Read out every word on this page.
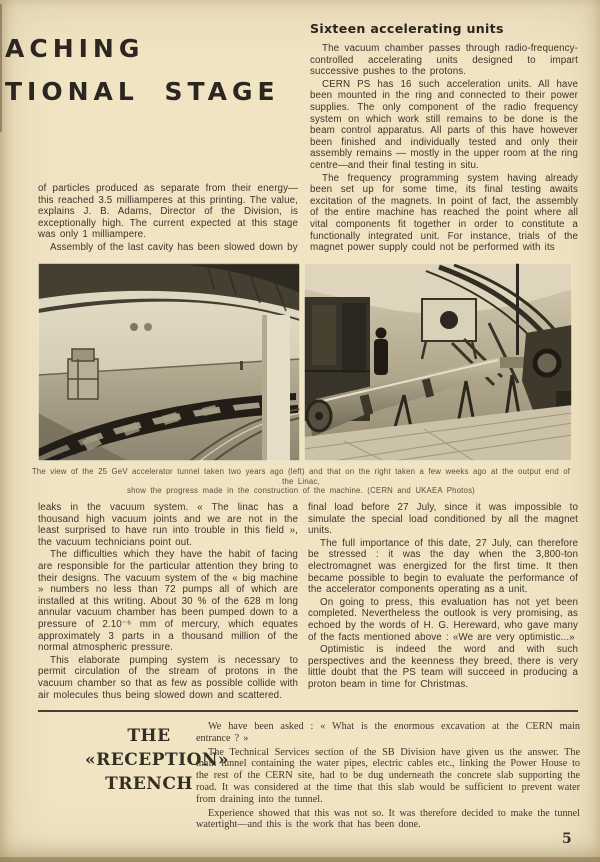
ACHING
TIONAL STAGE
Sixteen accelerating units

The vacuum chamber passes through radio-frequency-controlled accelerating units designed to impart successive pushes to the protons.

CERN PS has 16 such acceleration units. All have been mounted in the ring and connected to their power supplies. The only component of the radio frequency system on which work still remains to be done is the beam control apparatus. All parts of this have however been finished and individually tested and only their assembly remains — mostly in the upper room at the ring centre—and their final testing in situ.

The frequency programming system having already been set up for some time, its final testing awaits excitation of the magnets. In point of fact, the assembly of the entire machine has reached the point where all vital components fit together in order to constitute a functionally integrated unit. For instance, trials of the magnet power supply could not be performed with its

of particles produced as separate from their energy— this reached 3.5 milliamperes at this printing. The value, explains J. B. Adams, Director of the Division, is exceptionally high. The current expected at this stage was only 1 milliampere.

Assembly of the last cavity has been slowed down by

The view of the 25 GeV accelerator tunnel taken two years ago (left) and that on the right taken a few weeks ago at the output end of the Linac,
show the progress made in the construction of the machine. (CERN and UKAEA Photos)

leaks in the vacuum system. « The linac has a thousand high vacuum joints and we are not in the least surprised to have run into trouble in this field », the vacuum technicians point out.

The difficulties which they have the habit of facing are responsible for the particular attention they bring to their designs. The vacuum system of the « big machine » numbers no less than 72 pumps all of which are installed at this writing. About 30 % of the 628 m long annular vacuum chamber has been pumped down to a pressure of 2.10⁻⁶ mm of mercury, which equates approximately 3 parts in a thousand million of the normal atmospheric pressure.

This elaborate pumping system is necessary to permit circulation of the stream of protons in the vacuum chamber so that as few as possible collide with air molecules thus being slowed down and scattered.

final load before 27 July, since it was impossible to simulate the special load conditioned by all the magnet units.

The full importance of this date, 27 July, can therefore be stressed : it was the day when the 3,800-ton electromagnet was energized for the first time. It then became possible to begin to evaluate the performance of the accelerator components operating as a unit.

On going to press, this evaluation has not yet been completed. Nevertheless the outlook is very promising, as echoed by the words of H. G. Hereward, who gave many of the facts mentioned above : «We are very optimistic...»

Optimistic is indeed the word and with such perspectives and the keenness they breed, there is very little doubt that the PS team will succeed in producing a proton beam in time for Christmas.

THE
«RECEPTION»
TRENCH

We have been asked : « What is the enormous excavation at the CERN main entrance ? »

The Technical Services section of the SB Division have given us the answer. The main tunnel containing the water pipes, electric cables etc., linking the Power House to the rest of the CERN site, had to be dug underneath the concrete slab supporting the road. It was considered at the time that this slab would be sufficient to prevent water from draining into the tunnel.

Experience showed that this was not so. It was therefore decided to make the tunnel watertight—and this is the work that has been done.

5
